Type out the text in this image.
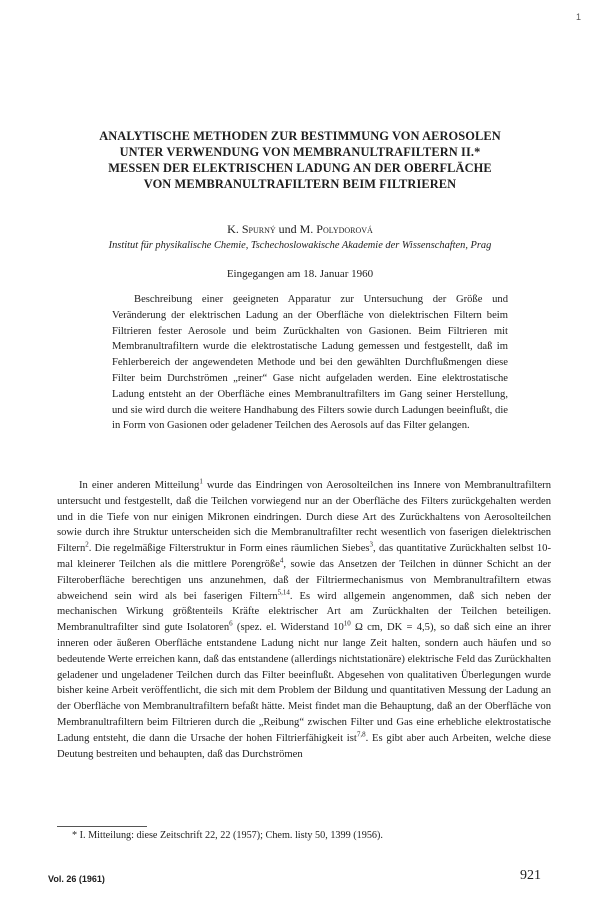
1
ANALYTISCHE METHODEN ZUR BESTIMMUNG VON AEROSOLEN
UNTER VERWENDUNG VON MEMBRANULTRAFILTERN II.*
MESSEN DER ELEKTRISCHEN LADUNG AN DER OBERFLÄCHE
VON MEMBRANULTRAFILTERN BEIM FILTRIEREN
K. Spurný und M. Polydorová
Institut für physikalische Chemie, Tschechoslowakische Akademie der Wissenschaften, Prag
Eingegangen am 18. Januar 1960

Beschreibung einer geeigneten Apparatur zur Untersuchung der Größe und Veränderung der elektrischen Ladung an der Oberfläche von dielektrischen Filtern beim Filtrieren fester Aerosole und beim Zurückhalten von Gasionen. Beim Filtrieren mit Membranultrafiltern wurde die elektrostatische Ladung gemessen und festgestellt, daß im Fehlerbereich der angewendeten Methode und bei den gewählten Durchflußmengen diese Filter beim Durchströmen „reiner“ Gase nicht aufgeladen werden. Eine elektrostatische Ladung entsteht an der Oberfläche eines Membranultrafilters im Gang seiner Herstellung, und sie wird durch die weitere Handhabung des Filters sowie durch Ladungen beeinflußt, die in Form von Gasionen oder geladener Teilchen des Aerosols auf das Filter gelangen.

In einer anderen Mitteilung$^1$ wurde das Eindringen von Aerosolteilchen ins Innere von Membranultrafiltern untersucht und festgestellt, daß die Teilchen vorwiegend nur an der Oberfläche des Filters zurückgehalten werden und in die Tiefe von nur einigen Mikronen eindringen. Durch diese Art des Zurückhaltens von Aerosolteilchen sowie durch ihre Struktur unterscheiden sich die Membranultrafilter recht wesentlich von faserigen dielektrischen Filtern$^2$. Die regelmäßige Filterstruktur in Form eines räumlichen Siebes$^3$, das quantitative Zurückhalten selbst 10-mal kleinerer Teilchen als die mittlere Porengröße$^4$, sowie das Ansetzen der Teilchen in dünner Schicht an der Filteroberfläche berechtigen uns anzunehmen, daß der Filtriermechanismus von Membranultrafiltern etwas abweichend sein wird als bei faserigen Filtern$^{5,14}$. Es wird allgemein angenommen, daß sich neben der mechanischen Wirkung größtenteils Kräfte elektrischer Art am Zurückhalten der Teilchen beteiligen. Membranultrafilter sind gute Isolatoren$^6$ (spez. el. Widerstand $10^{10}$ Ω cm, DK = 4,5), so daß sich eine an ihrer inneren oder äußeren Oberfläche entstandene Ladung nicht nur lange Zeit halten, sondern auch häufen und so bedeutende Werte erreichen kann, daß das entstandene (allerdings nichtstationäre) elektrische Feld das Zurückhalten geladener und ungeladener Teilchen durch das Filter beeinflußt. Abgesehen von qualitativen Überlegungen wurde bisher keine Arbeit veröffentlicht, die sich mit dem Problem der Bildung und quantitativen Messung der Ladung an der Oberfläche von Membranultrafiltern befaßt hätte. Meist findet man die Behauptung, daß an der Oberfläche von Membranultrafiltern beim Filtrieren durch die „Reibung“ zwischen Filter und Gas eine erhebliche elektrostatische Ladung entsteht, die dann die Ursache der hohen Filtrierfähigkeit ist$^{7,8}$. Es gibt aber auch Arbeiten, welche diese Deutung bestreiten und behaupten, daß das Durchströmen

* I. Mitteilung: diese Zeitschrift 22, 22 (1957); Chem. listy 50, 1399 (1956).
Vol. 26 (1961)	921
